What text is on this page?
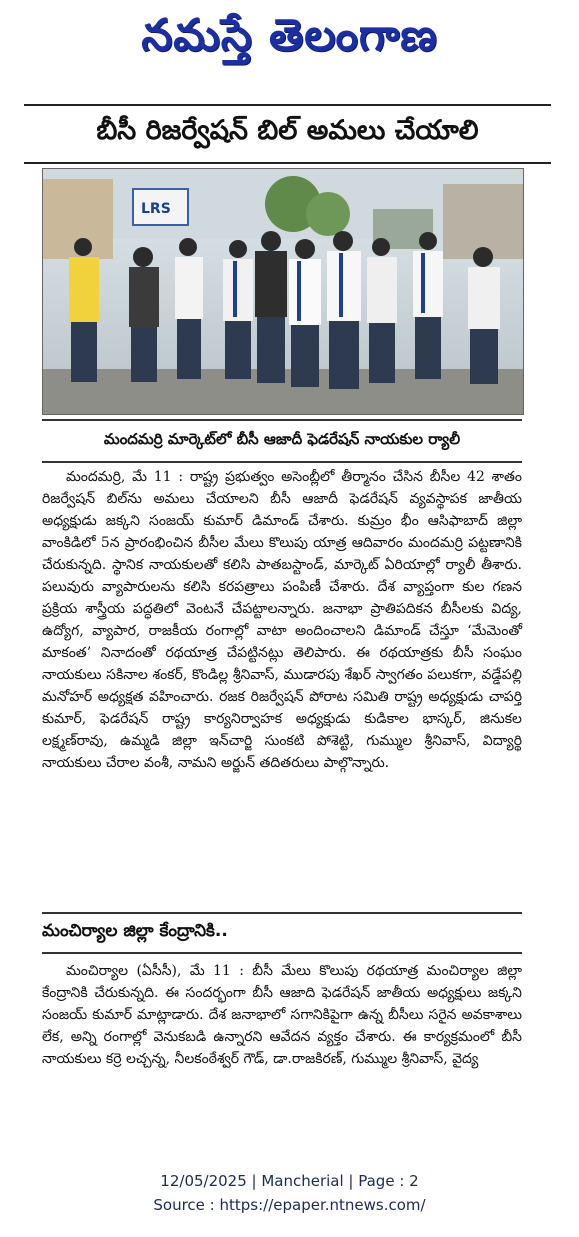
నమస్తే తెలంగాణ
బీసీ రిజర్వేషన్ బిల్ అమలు చేయాలి
LRS
మందమర్రి మార్కెట్‌లో బీసీ ఆజాదీ ఫెడరేషన్ నాయకుల ర్యాలీ

మందమర్రి, మే 11 : రాష్ట్ర ప్రభుత్వం అసెంబ్లీలో తీర్మానం చేసిన బీసీల 42 శాతం రిజర్వేషన్ బిల్‌ను అమలు చేయాలని బీసీ ఆజాదీ ఫెడరేషన్ వ్యవస్థాపక జాతీయ అధ్యక్షుడు జక్కని సంజయ్ కుమార్ డిమాండ్ చేశారు. కుమ్రం భీం ఆసిఫాబాద్ జిల్లా వాంకిడిలో 5న ప్రారంభించిన బీసీల మేలు కొలుపు యాత్ర ఆదివారం మందమర్రి పట్టణానికి చేరుకున్నది. స్థానిక నాయకులతో కలిసి పాతబస్టాండ్, మార్కెట్ ఏరియాల్లో ర్యాలీ తీశారు. పలువురు వ్యాపారులను కలిసి కరపత్రాలు పంపిణీ చేశారు. దేశ వ్యాప్తంగా కుల గణన ప్రక్రియ శాస్త్రీయ పద్ధతిలో వెంటనే చేపట్టాలన్నారు. జనాభా ప్రాతిపదికన బీసీలకు విద్య, ఉద్యోగ, వ్యాపార, రాజకీయ రంగాల్లో వాటా అందించాలని డిమాండ్ చేస్తూ ‘మేమెంతో మాకంత’ నినాదంతో రథయాత్ర చేపట్టినట్లు తెలిపారు. ఈ రథయాత్రకు బీసీ సంఘం నాయకులు సకినాల శంకర్, కొండిల్ల శ్రీనివాస్, ముడారపు శేఖర్ స్వాగతం పలుకగా, వడ్డేపల్లి మనోహర్ అధ్యక్షత వహించారు. రజక రిజర్వేషన్ పోరాట సమితి రాష్ట్ర అధ్యక్షుడు చాపర్తి కుమార్, ఫెడరేషన్ రాష్ట్ర కార్యనిర్వాహక అధ్యక్షుడు కుడికాల భాస్కర్, జినుకల లక్ష్మణ్‌రావు, ఉమ్మడి జిల్లా ఇన్‌చార్జి సుంకటి పోశెట్టి, గుమ్ముల శ్రీనివాస్, విద్యార్థి నాయకులు చేరాల వంశీ, నామని అర్జున్ తదితరులు పాల్గొన్నారు.

మంచిర్యాల జిల్లా కేంద్రానికి..

మంచిర్యాల (ఏసీసీ), మే 11 : బీసీ మేలు కొలుపు రథయాత్ర మంచిర్యాల జిల్లా కేంద్రానికి చేరుకున్నది. ఈ సందర్భంగా బీసీ ఆజాది ఫెడరేషన్ జాతీయ అధ్యక్షులు జక్కని సంజయ్ కుమార్ మాట్లాడారు. దేశ జనాభాలో సగానికిపైగా ఉన్న బీసీలు సరైన అవకాశాలు లేక, అన్ని రంగాల్లో వెనుకబడి ఉన్నారని ఆవేదన వ్యక్తం చేశారు. ఈ కార్యక్రమంలో బీసీ నాయకులు కర్రె లచ్చన్న, నీలకంఠేశ్వర్ గౌడ్, డా.రాజకిరణ్, గుమ్ముల శ్రీనివాస్, వైద్య

12/05/2025 | Mancherial | Page : 2
Source : https://epaper.ntnews.com/
